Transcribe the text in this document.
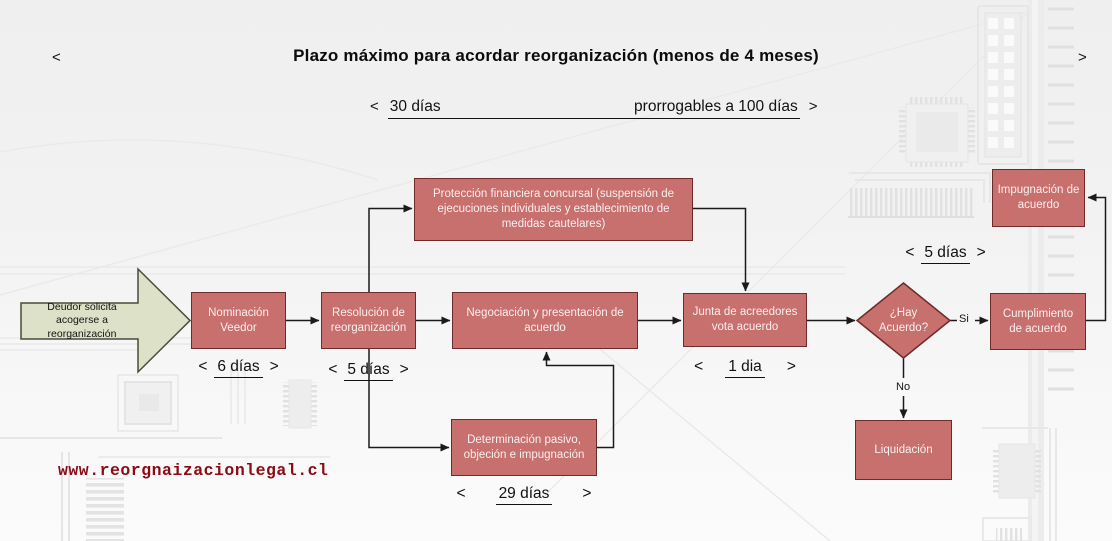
<	Plazo máximo para acordar reorganización (menos de 4 meses)	>
< 30 días	prorrogables a 100 días >
Deudor solicita acogerse a reorganización
Nominación Veedor
Resolución de reorganización
Protección financiera concursal (suspensión de ejecuciones individuales y establecimiento de medidas cautelares)
Negociación y presentación de acuerdo
Junta de acreedores vota acuerdo
¿Hay Acuerdo?
Cumplimiento de acuerdo
Impugnación de acuerdo
Determinación pasivo, objeción e impugnación	Liquidación
< 6 días >	< 5 días >	< 1 dia >
< 5 días >
< 29 días >
Si
No
www.reorgnaizacionlegal.cl
